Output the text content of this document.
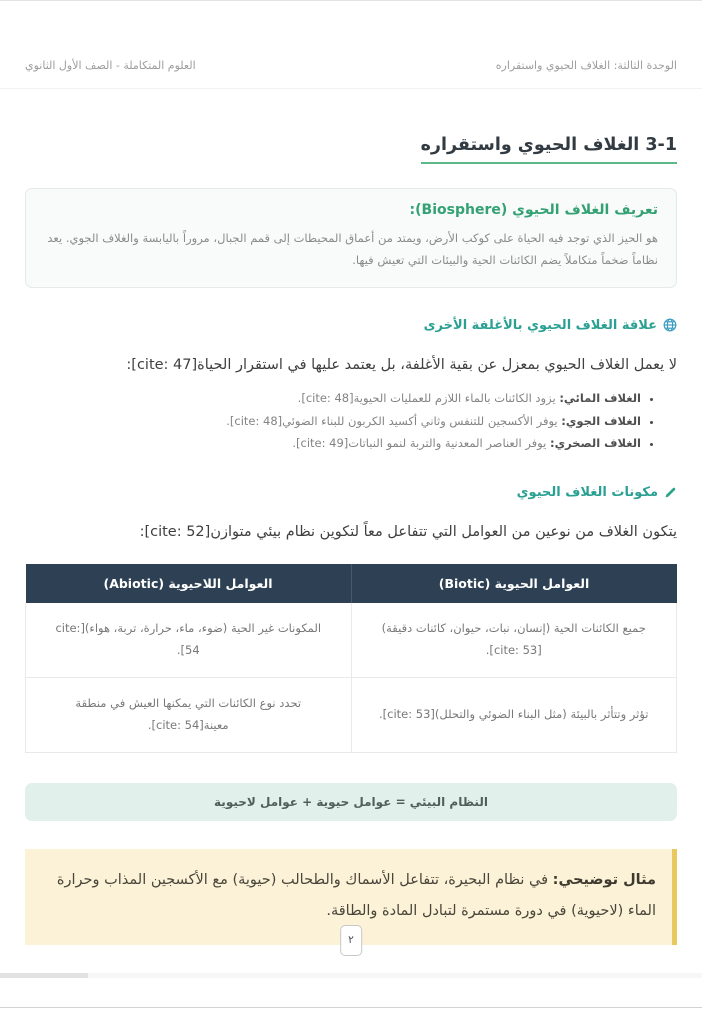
الوحدة الثالثة: الغلاف الحيوي واستقراره
العلوم المتكاملة - الصف الأول الثانوي
3-1 الغلاف الحيوي واستقراره
تعريف الغلاف الحيوي (Biosphere):
هو الحيز الذي توجد فيه الحياة على كوكب الأرض، ويمتد من أعماق المحيطات إلى قمم الجبال، مروراً باليابسة والغلاف الجوي. يعد نظاماً ضخماً متكاملاً يضم الكائنات الحية والبيئات التي تعيش فيها.
علاقة الغلاف الحيوي بالأغلفة الأخرى

لا يعمل الغلاف الحيوي بمعزل عن بقية الأغلفة، بل يعتمد عليها في استقرار الحياة[cite: 47]:

• الغلاف المائي: يزود الكائنات بالماء اللازم للعمليات الحيوية[cite: 48].
• الغلاف الجوي: يوفر الأكسجين للتنفس وثاني أكسيد الكربون للبناء الضوئي[cite: 48].
• الغلاف الصخري: يوفر العناصر المعدنية والتربة لنمو النباتات[cite: 49].
مكونات الغلاف الحيوي

يتكون الغلاف من نوعين من العوامل التي تتفاعل معاً لتكوين نظام بيئي متوازن[cite: 52]:

العوامل الحيوية (Biotic)	العوامل اللاحيوية (Abiotic)
جميع الكائنات الحية (إنسان، نبات، حيوان، كائنات دقيقة)[cite: 53].	المكونات غير الحية (ضوء، ماء، حرارة، تربة، هواء)[cite: 54].
تؤثر وتتأثر بالبيئة (مثل البناء الضوئي والتحلل)[cite: 53].	تحدد نوع الكائنات التي يمكنها العيش في منطقة معينة[cite: 54].
النظام البيئي = عوامل حيوية + عوامل لاحيوية
مثال توضيحي: في نظام البحيرة، تتفاعل الأسماك والطحالب (حيوية) مع الأكسجين المذاب وحرارة الماء (لاحيوية) في دورة مستمرة لتبادل المادة والطاقة.
٢
